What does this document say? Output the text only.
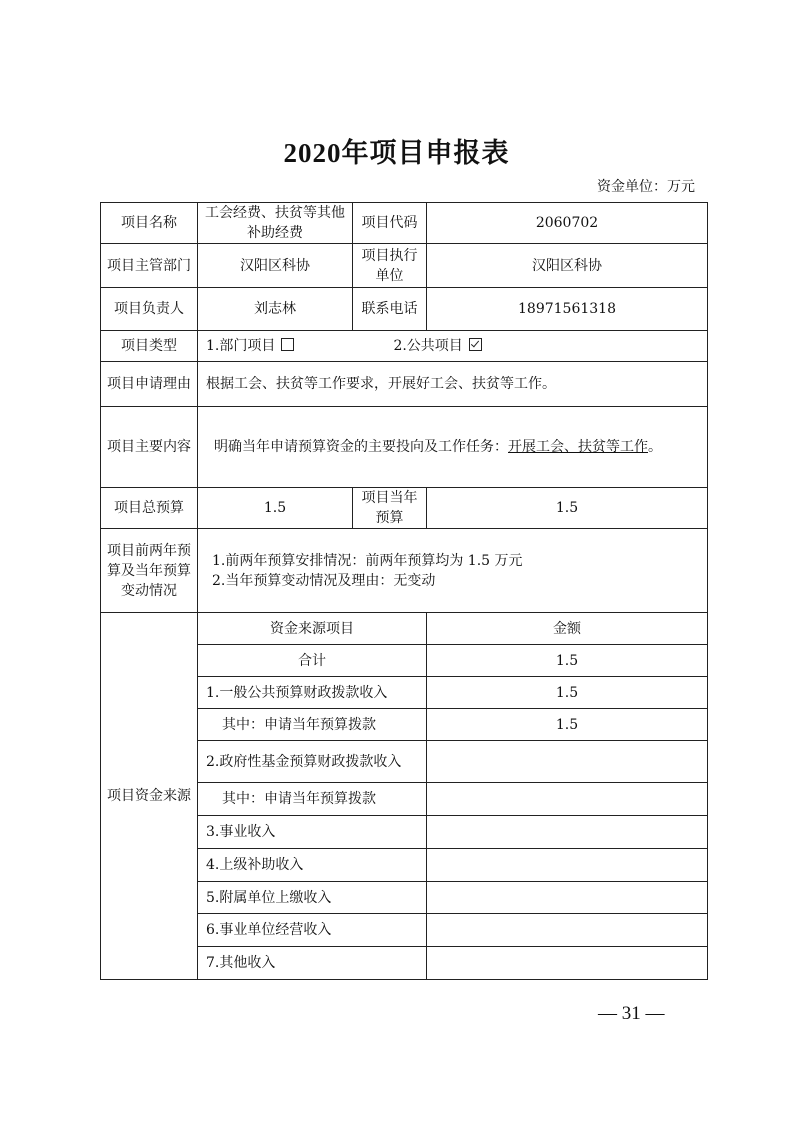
2020年项目申报表
资金单位：万元
项目名称	工会经费、扶贫等其他补助经费	项目代码	2060702
项目主管部门	汉阳区科协	项目执行单位	汉阳区科协
项目负责人	刘志林	联系电话	18971561318
项目类型	1.部门项目 2.公共项目		
项目申请理由	根据工会、扶贫等工作要求，开展好工会、扶贫等工作。		
项目主要内容	明确当年申请预算资金的主要投向及工作任务：开展工会、扶贫等工作。		
项目总预算	1.5	项目当年预算	1.5
项目前两年预算及当年预算变动情况	1.前两年预算安排情况：前两年预算均为 1.5 万元
2.当年预算变动情况及理由：无变动		

项目资金来源	资金来源项目		金额
	合计		1.5
	1.一般公共预算财政拨款收入		1.5
	其中：申请当年预算拨款		1.5
	2.政府性基金预算财政拨款收入		
	其中：申请当年预算拨款		
	3.事业收入		
	4.上级补助收入		
	5.附属单位上缴收入		
	6.事业单位经营收入		
	7.其他收入		
— 31 —
